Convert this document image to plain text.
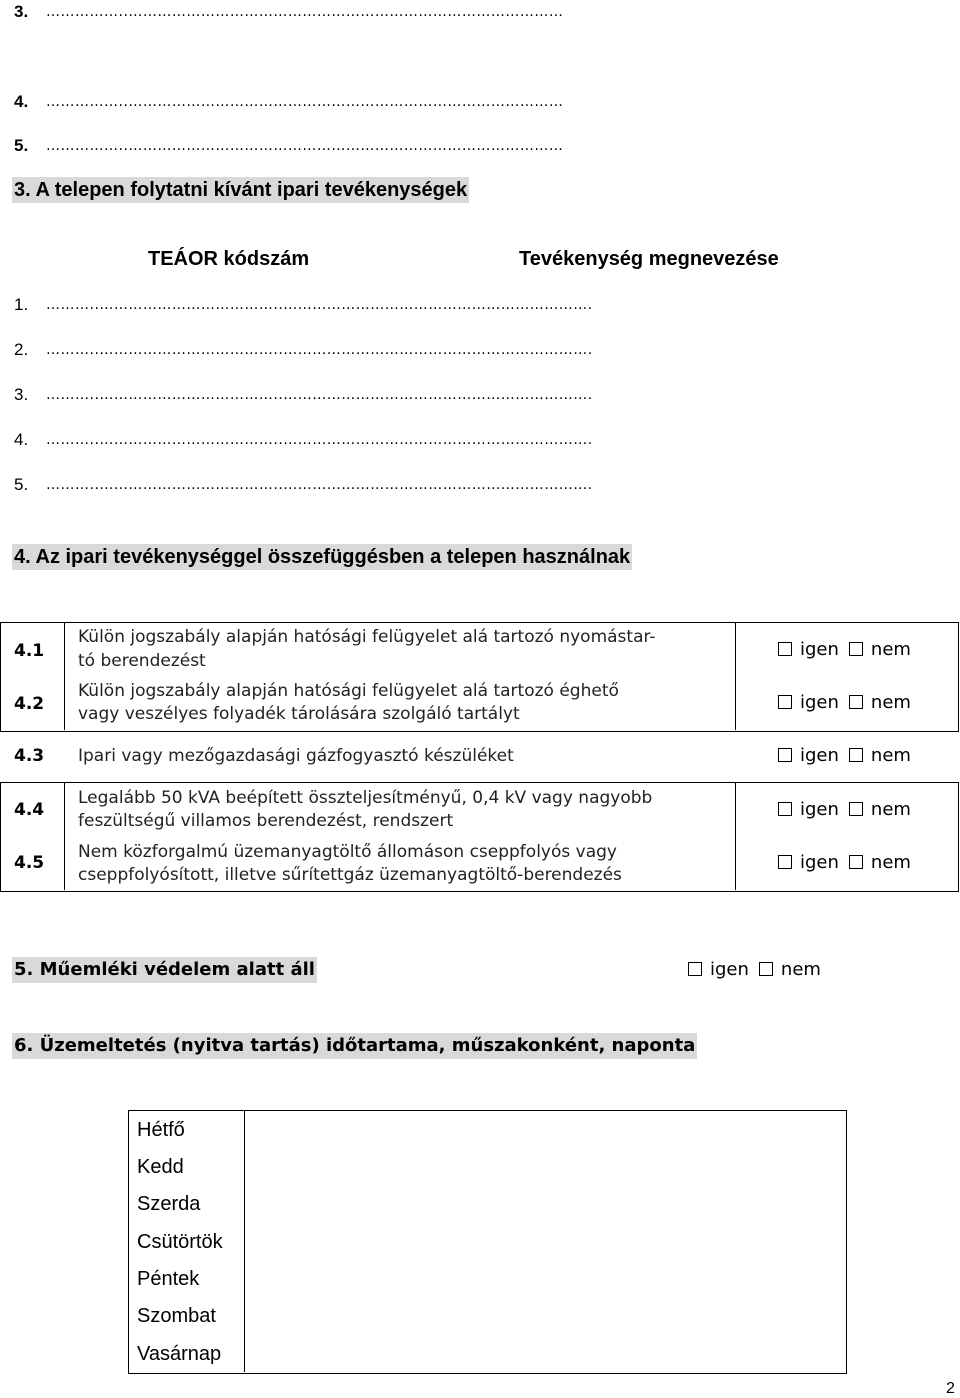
3. ……………..………………………………………………………………………………
4. ……………..………………………………………………………………………………
5. ……………..………………………………………………………………………………
3. A telepen folytatni kívánt ipari tevékenységek
TEÁOR kódszám	Tevékenység megnevezése
1. ………..………………………………..……………………………………………………….
2. ………..………………………………..……………………………………………………….
3. ………..………………………………..……………………………………………………….
4. ………..………………………………..……………………………………………………….
5. ………..………………………………..……………………………………………………….
4. Az ipari tevékenységgel összefüggésben a telepen használnak
4.1
Külön jogszabály alapján hatósági felügyelet alá tartozó nyomástar-
tó berendezést
igen nem
4.2
Külön jogszabály alapján hatósági felügyelet alá tartozó éghető
vagy veszélyes folyadék tárolására szolgáló tartályt
igen nem
4.3 Ipari vagy mezőgazdasági gázfogyasztó készüléket	igen nem
4.4
Legalább 50 kVA beépített összteljesítményű, 0,4 kV vagy nagyobb
feszültségű villamos berendezést, rendszert
igen nem
4.5
Nem közforgalmú üzemanyagtöltő állomáson cseppfolyós vagy
cseppfolyósított, illetve sűrítettgáz üzemanyagtöltő-berendezés
igen nem
5. Műemléki védelem alatt áll	igen nem
6. Üzemeltetés (nyitva tartás) időtartama, műszakonként, naponta
Hétfő
Kedd
Szerda
Csütörtök
Péntek
Szombat
Vasárnap
2
